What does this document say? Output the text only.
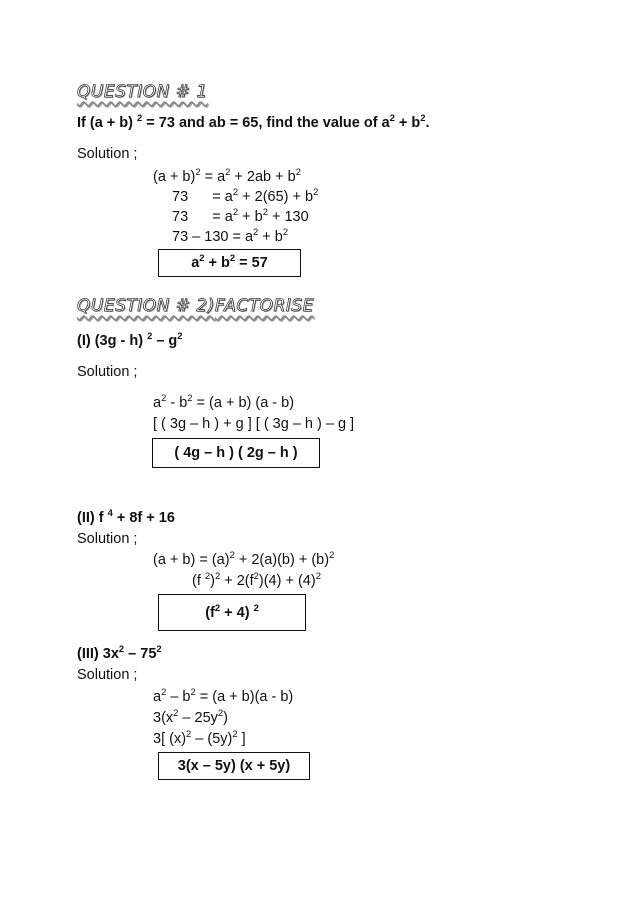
QUESTION # 1
If (a + b) $^2$ = 73 and ab = 65, find the value of $a^2 + b^2$.
Solution ;
$(a + b)^2 = a^2 + 2ab + b^2$
73      = $a^2 + 2(65) + b^2$
73      = $a^2 + b^2 + 130$
$73 - 130 = a^2 + b^2$
$a^2 + b^2 = 57$
QUESTION # 2) FACTORISE
(I) (3g - h) $^2 - g^2$
Solution ;
$a^2 - b^2 = (a + b)$ (a - b)
[ ( 3g – h ) + g ] [ ( 3g – h ) – g ]
( 4g – h ) ( 2g – h )
(II) f $^4$ + 8f + 16
Solution ;
$(a + b) = (a)^2 + 2(a)(b) + (b)^2$
(f $^2)^2 + 2(f^2)(4) + (4)^2$
$(f^2 + 4)$ $^2$
(III) $3x^2 - 75^2$
Solution ;
$a^2 - b^2 = (a + b)(a - b)$
$3(x^2 - 25y^2)$
3[ $(x)^2 - (5y)^2$ ]
3(x – 5y) (x + 5y)
